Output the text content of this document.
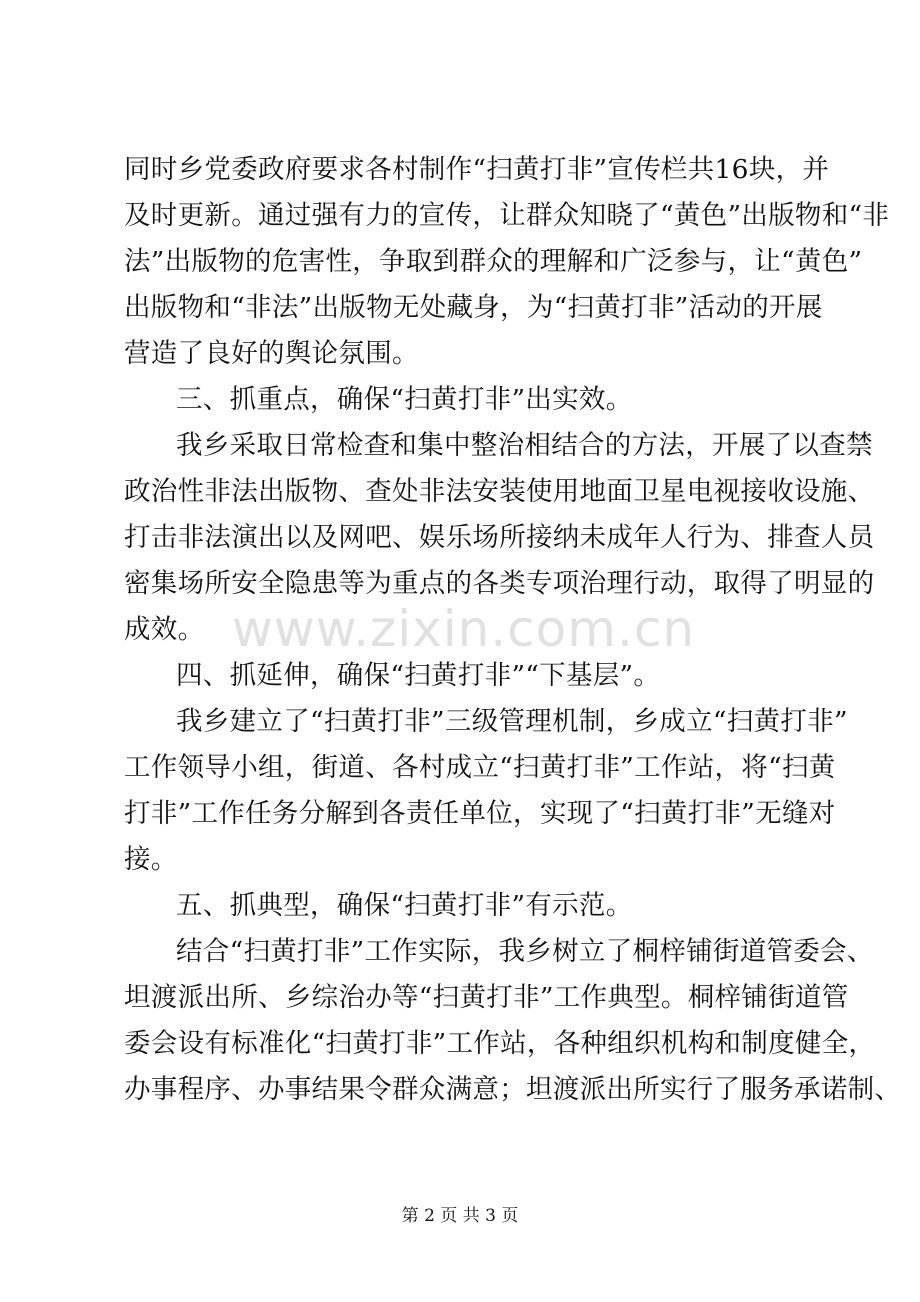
同时乡党委政府要求各村制作“扫黄打非”宣传栏共16块，并
及时更新。通过强有力的宣传，让群众知晓了“黄色”出版物和“非
法”出版物的危害性，争取到群众的理解和广泛参与，让“黄色”
出版物和“非法”出版物无处藏身，为“扫黄打非”活动的开展
营造了良好的舆论氛围。
三、抓重点，确保“扫黄打非”出实效。
我乡采取日常检查和集中整治相结合的方法，开展了以查禁
政治性非法出版物、查处非法安装使用地面卫星电视接收设施、
打击非法演出以及网吧、娱乐场所接纳未成年人行为、排查人员
密集场所安全隐患等为重点的各类专项治理行动，取得了明显的
成效。
四、抓延伸，确保“扫黄打非”“下基层”。
我乡建立了“扫黄打非”三级管理机制，乡成立“扫黄打非”
工作领导小组，街道、各村成立“扫黄打非”工作站，将“扫黄
打非”工作任务分解到各责任单位，实现了“扫黄打非”无缝对
接。
五、抓典型，确保“扫黄打非”有示范。
结合“扫黄打非”工作实际，我乡树立了桐梓铺街道管委会、
坦渡派出所、乡综治办等“扫黄打非”工作典型。桐梓铺街道管
委会设有标准化“扫黄打非”工作站，各种组织机构和制度健全，
办事程序、办事结果令群众满意；坦渡派出所实行了服务承诺制、
www.zixin.com.cn
第 2 页 共 3 页
